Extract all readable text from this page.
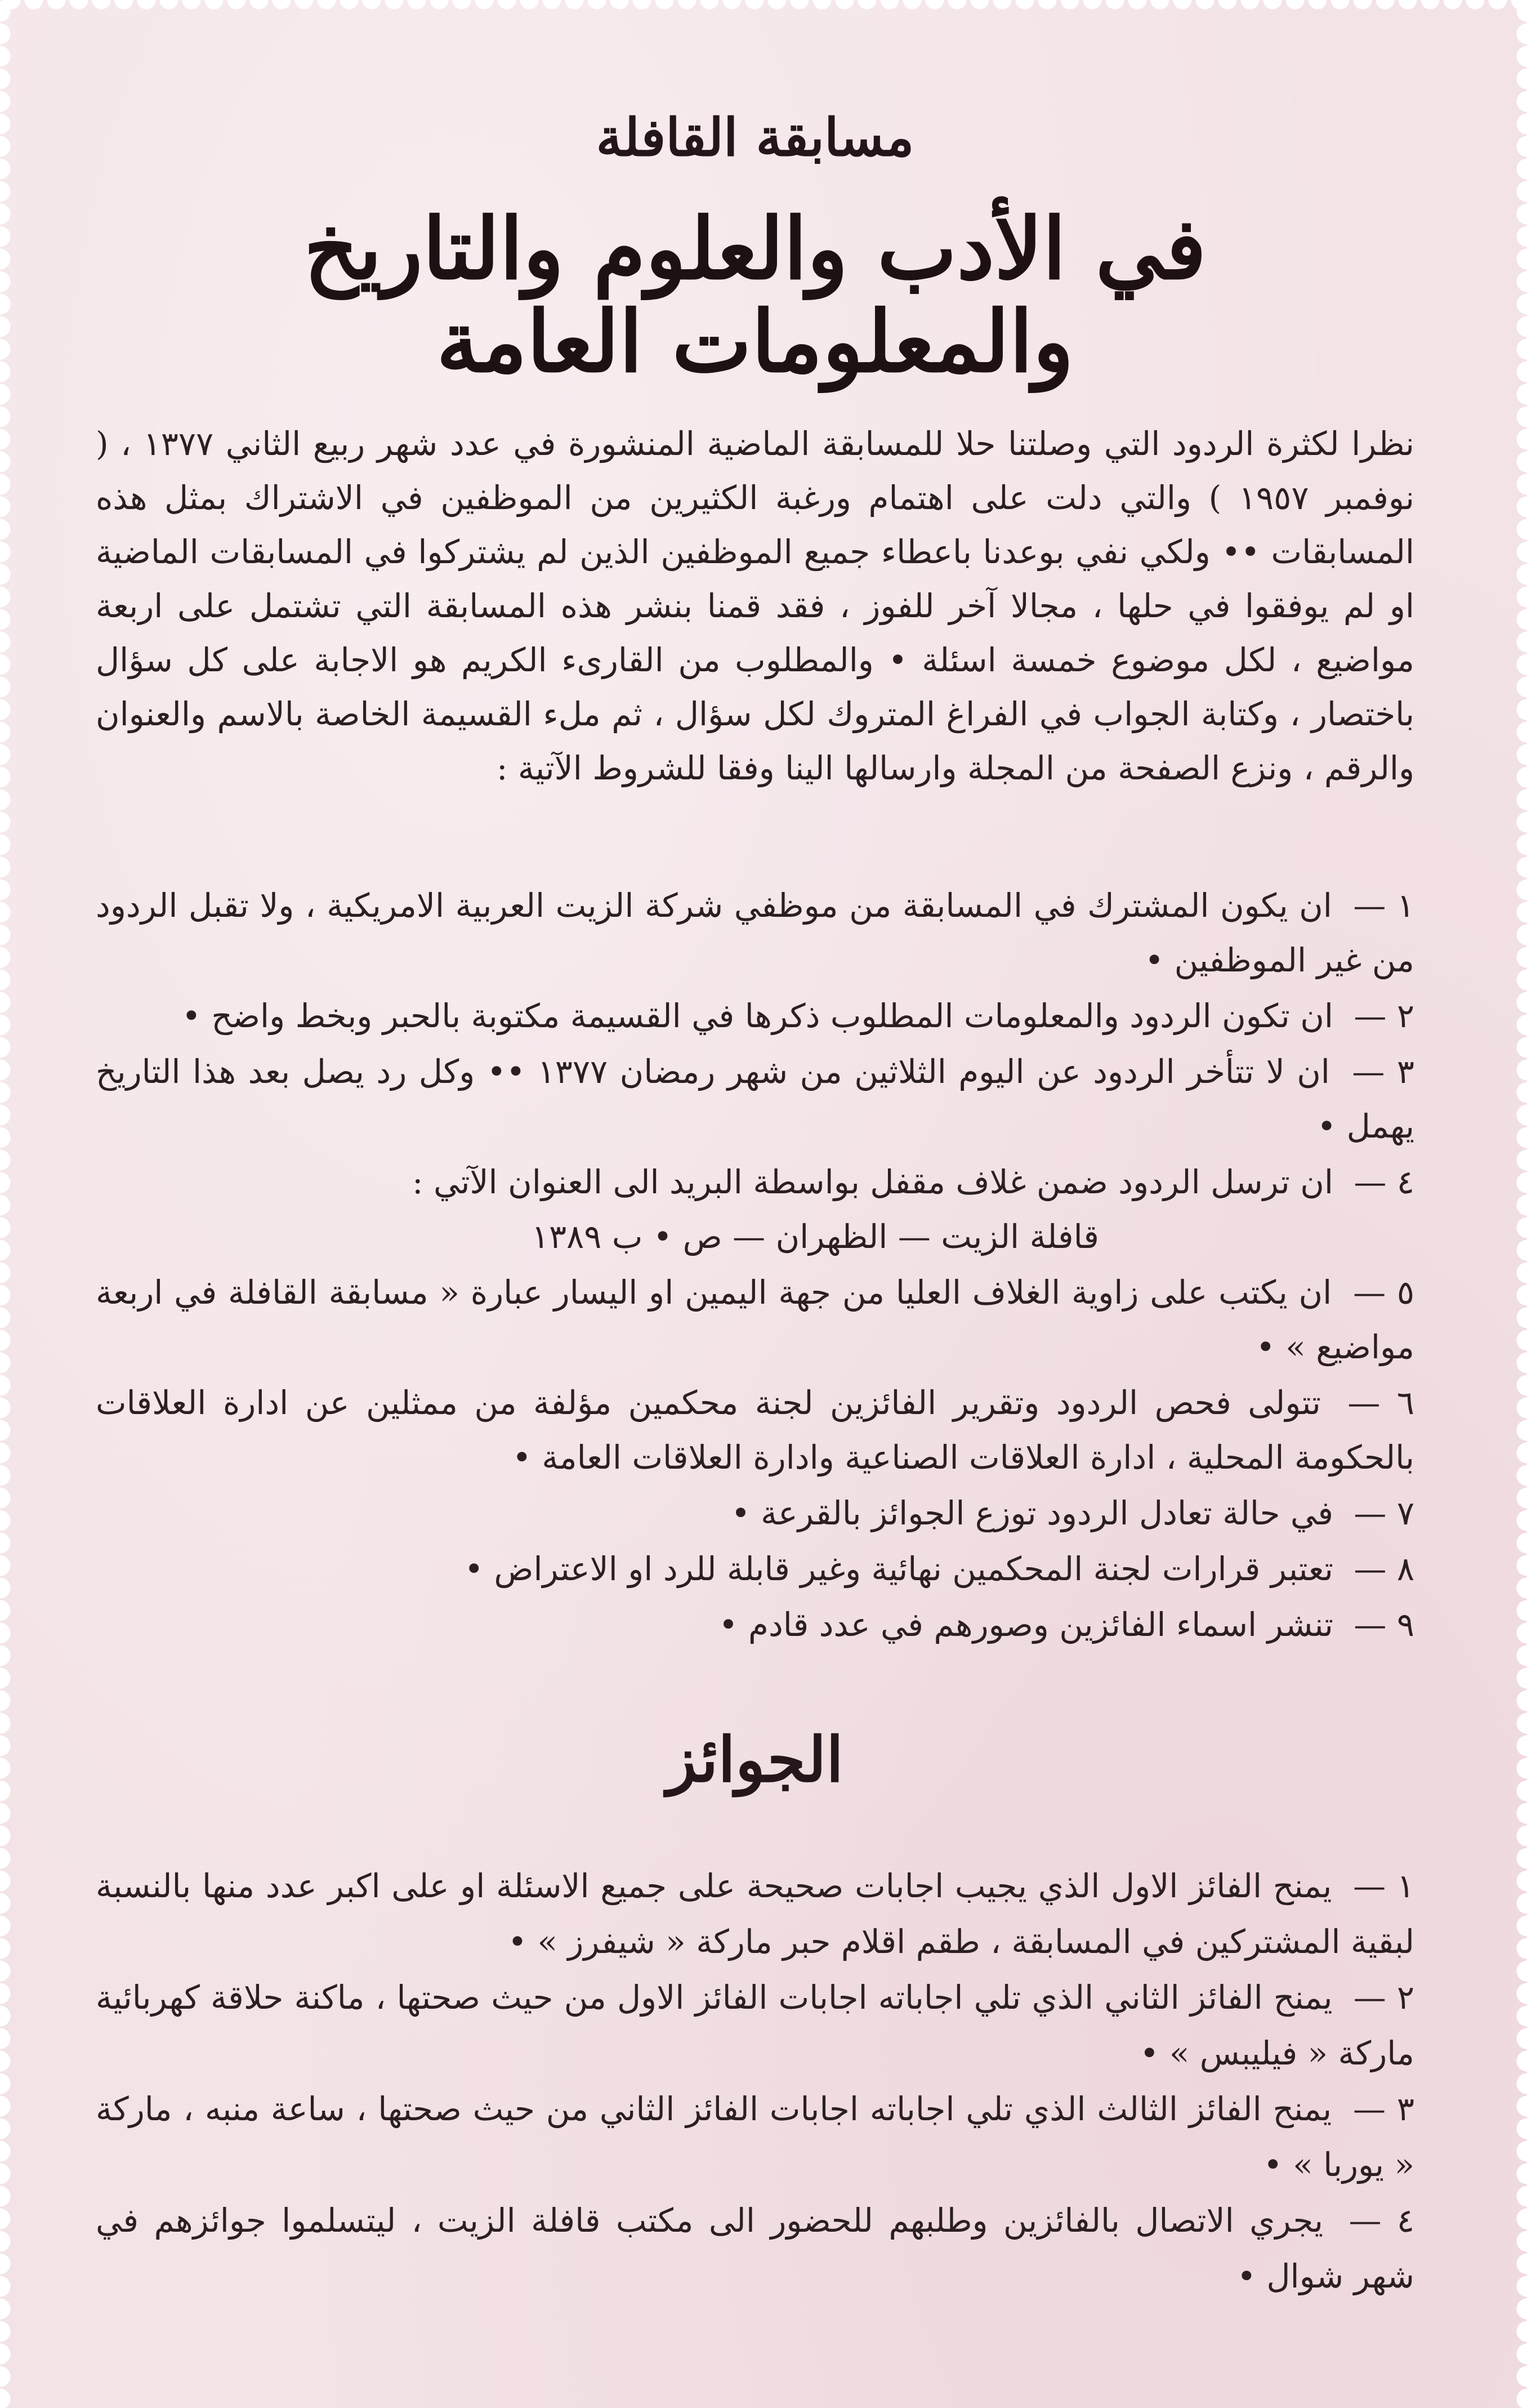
مسابقة القافلة
في الأدب والعلوم والتاريخ والمعلومات العامة

نظرا لكثرة الردود التي وصلتنا حلا للمسابقة الماضية المنشورة في عدد شهر ربيع الثاني ١٣٧٧ ، ( نوفمبر ١٩٥٧ ) والتي دلت على اهتمام ورغبة الكثيرين من الموظفين في الاشتراك بمثل هذه المسابقات •• ولكي نفي بوعدنا باعطاء جميع الموظفين الذين لم يشتركوا في المسابقات الماضية او لم يوفقوا في حلها ، مجالا آخر للفوز ، فقد قمنا بنشر هذه المسابقة التي تشتمل على اربعة مواضيع ، لكل موضوع خمسة اسئلة • والمطلوب من القارىء الكريم هو الاجابة على كل سؤال باختصار ، وكتابة الجواب في الفراغ المتروك لكل سؤال ، ثم ملء القسيمة الخاصة بالاسم والعنوان والرقم ، ونزع الصفحة من المجلة وارسالها الينا وفقا للشروط الآتية :

١ — ان يكون المشترك في المسابقة من موظفي شركة الزيت العربية الامريكية ، ولا تقبل الردود من غير الموظفين •

٢ — ان تكون الردود والمعلومات المطلوب ذكرها في القسيمة مكتوبة بالحبر وبخط واضح •

٣ — ان لا تتأخر الردود عن اليوم الثلاثين من شهر رمضان ١٣٧٧ •• وكل رد يصل بعد هذا التاريخ يهمل •

٤ — ان ترسل الردود ضمن غلاف مقفل بواسطة البريد الى العنوان الآتي :
قافلة الزيت — الظهران — ص • ب ١٣٨٩

٥ — ان يكتب على زاوية الغلاف العليا من جهة اليمين او اليسار عبارة « مسابقة القافلة في اربعة مواضيع » •

٦ — تتولى فحص الردود وتقرير الفائزين لجنة محكمين مؤلفة من ممثلين عن ادارة العلاقات بالحكومة المحلية ، ادارة العلاقات الصناعية وادارة العلاقات العامة •

٧ — في حالة تعادل الردود توزع الجوائز بالقرعة •

٨ — تعتبر قرارات لجنة المحكمين نهائية وغير قابلة للرد او الاعتراض •

٩ — تنشر اسماء الفائزين وصورهم في عدد قادم •

الجوائز

١ — يمنح الفائز الاول الذي يجيب اجابات صحيحة على جميع الاسئلة او على اكبر عدد منها بالنسبة لبقية المشتركين في المسابقة ، طقم اقلام حبر ماركة « شيفرز » •

٢ — يمنح الفائز الثاني الذي تلي اجاباته اجابات الفائز الاول من حيث صحتها ، ماكنة حلاقة كهربائية ماركة « فيليبس » •

٣ — يمنح الفائز الثالث الذي تلي اجاباته اجابات الفائز الثاني من حيث صحتها ، ساعة منبه ، ماركة « يوربا » •

٤ — يجري الاتصال بالفائزين وطلبهم للحضور الى مكتب قافلة الزيت ، ليتسلموا جوائزهم في شهر شوال •
